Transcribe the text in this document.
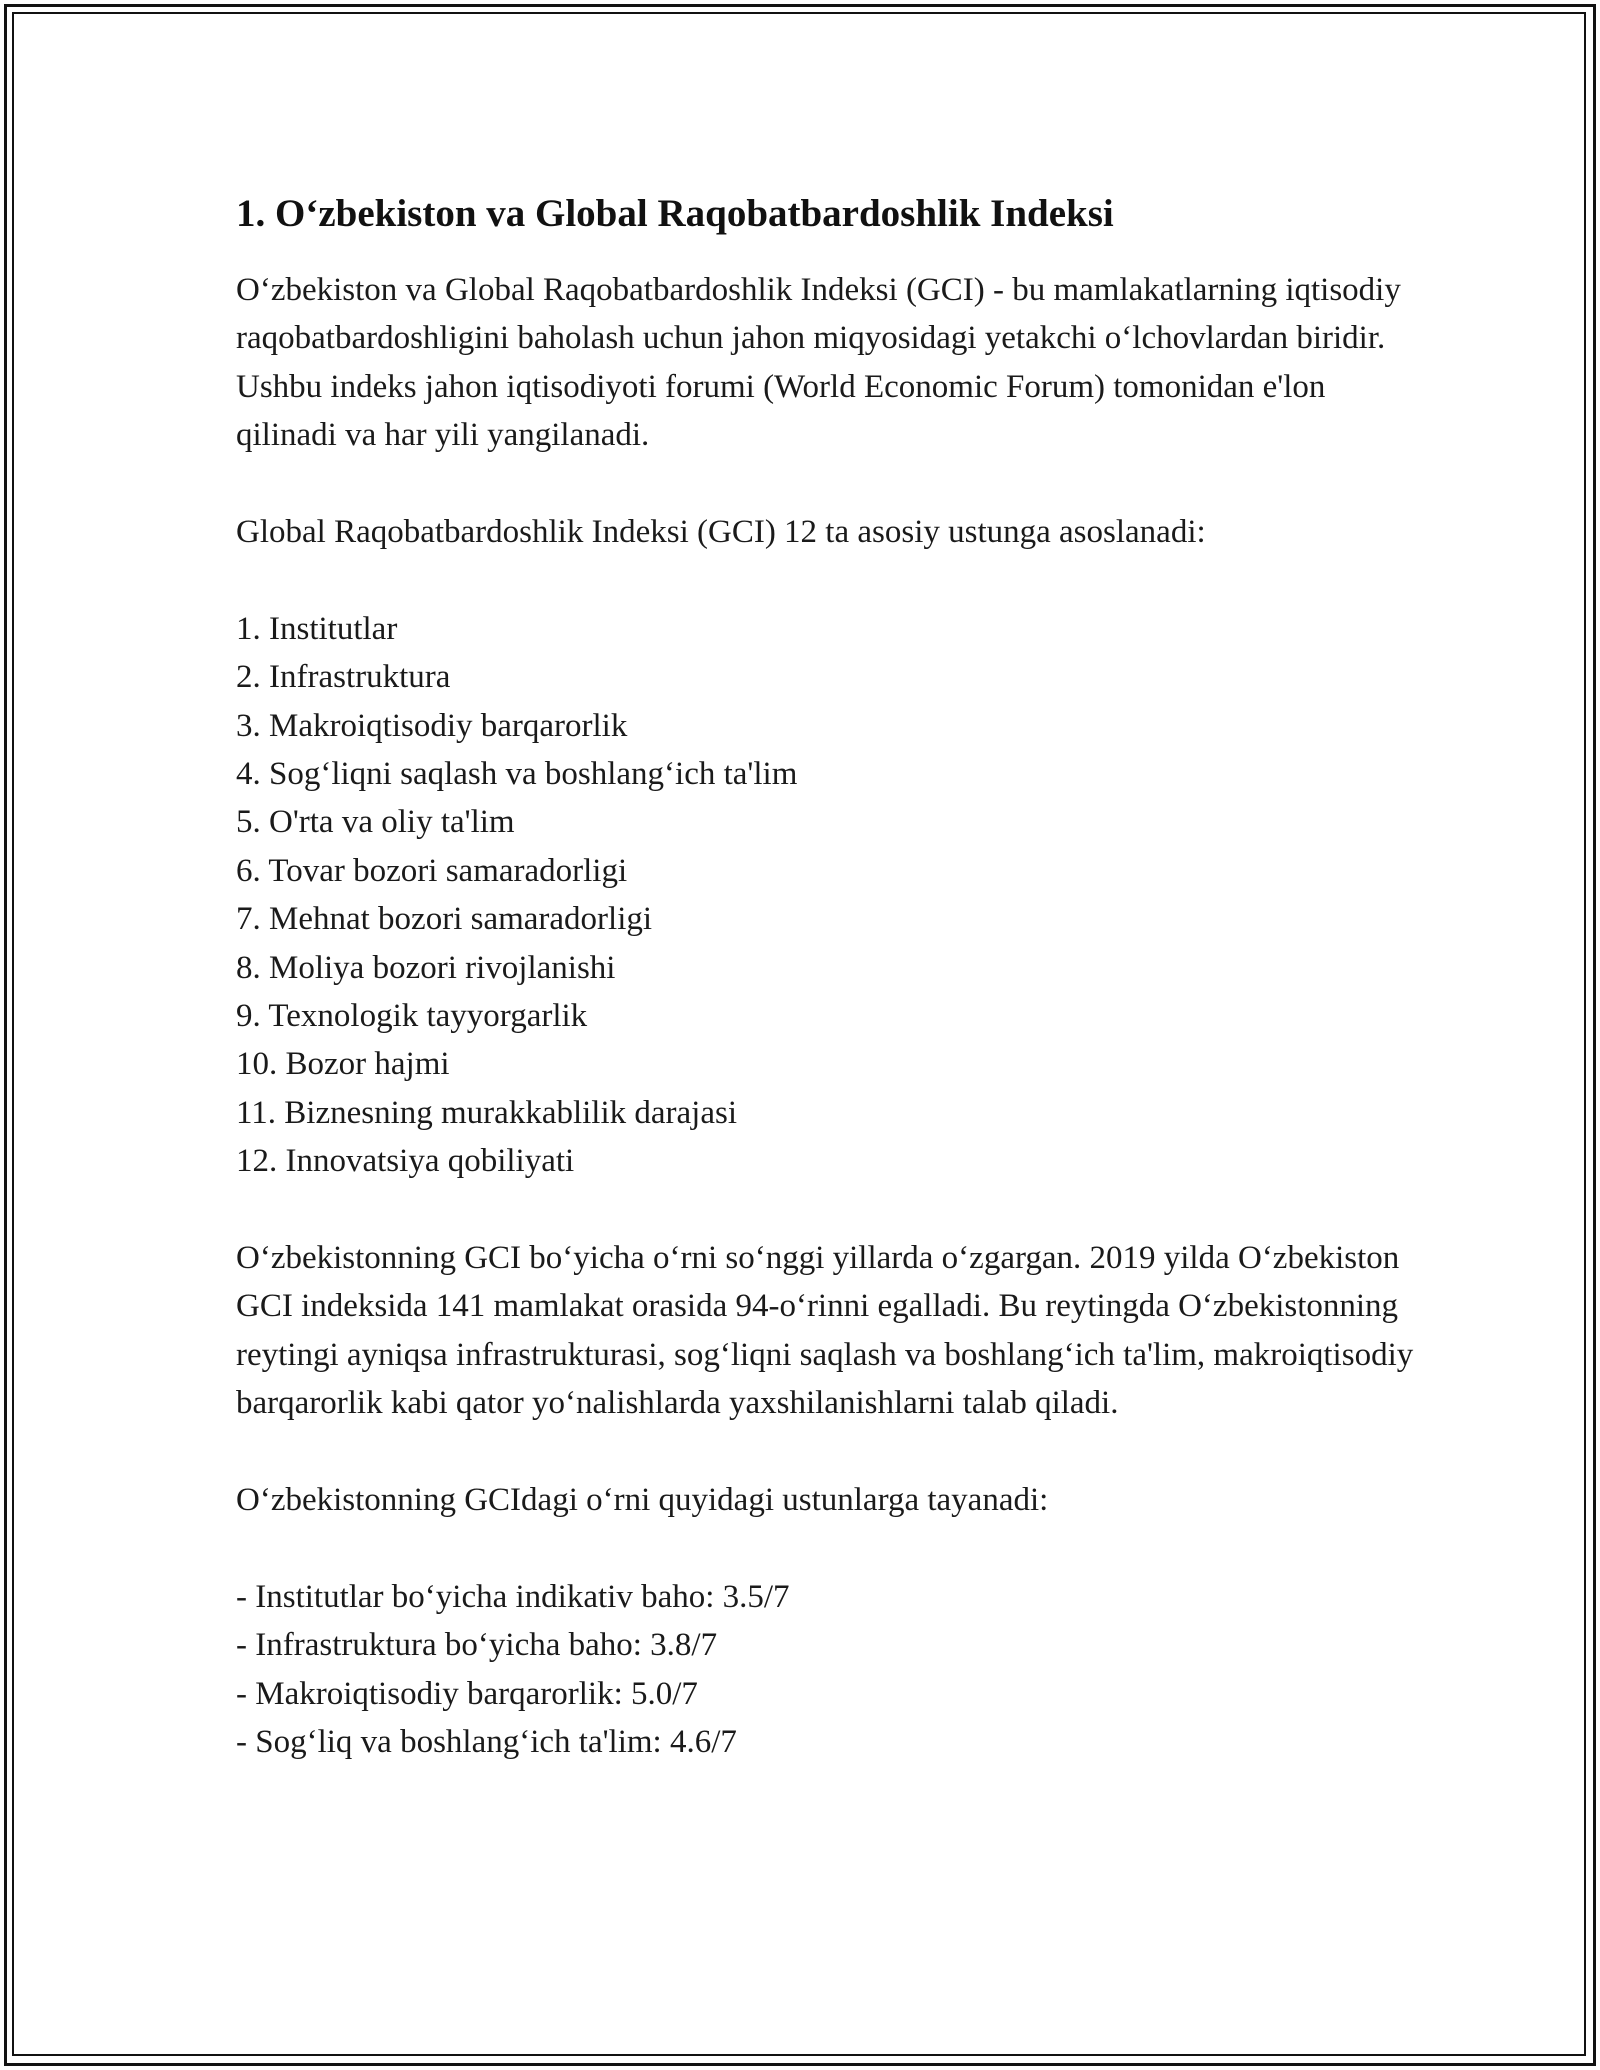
1. Oʻzbekiston va Global Raqobatbardoshlik Indeksi

Oʻzbekiston va Global Raqobatbardoshlik Indeksi (GCI) - bu mamlakatlarning iqtisodiy raqobatbardoshligini baholash uchun jahon miqyosidagi yetakchi oʻlchovlardan biridir. Ushbu indeks jahon iqtisodiyoti forumi (World Economic Forum) tomonidan e'lon qilinadi va har yili yangilanadi.

Global Raqobatbardoshlik Indeksi (GCI) 12 ta asosiy ustunga asoslanadi:

1. Institutlar
2. Infrastruktura
3. Makroiqtisodiy barqarorlik
4. Sogʻliqni saqlash va boshlangʻich ta'lim
5. O'rta va oliy ta'lim
6. Tovar bozori samaradorligi
7. Mehnat bozori samaradorligi
8. Moliya bozori rivojlanishi
9. Texnologik tayyorgarlik
10. Bozor hajmi
11. Biznesning murakkablilik darajasi
12. Innovatsiya qobiliyati

Oʻzbekistonning GCI boʻyicha oʻrni soʻnggi yillarda oʻzgargan. 2019 yilda Oʻzbekiston GCI indeksida 141 mamlakat orasida 94-oʻrinni egalladi. Bu reytingda Oʻzbekistonning reytingi ayniqsa infrastrukturasi, sogʻliqni saqlash va boshlangʻich ta'lim, makroiqtisodiy barqarorlik kabi qator yoʻnalishlarda yaxshilanishlarni talab qiladi.

Oʻzbekistonning GCIdagi oʻrni quyidagi ustunlarga tayanadi:

- Institutlar boʻyicha indikativ baho: 3.5/7
- Infrastruktura boʻyicha baho: 3.8/7
- Makroiqtisodiy barqarorlik: 5.0/7
- Sogʻliq va boshlangʻich ta'lim: 4.6/7
